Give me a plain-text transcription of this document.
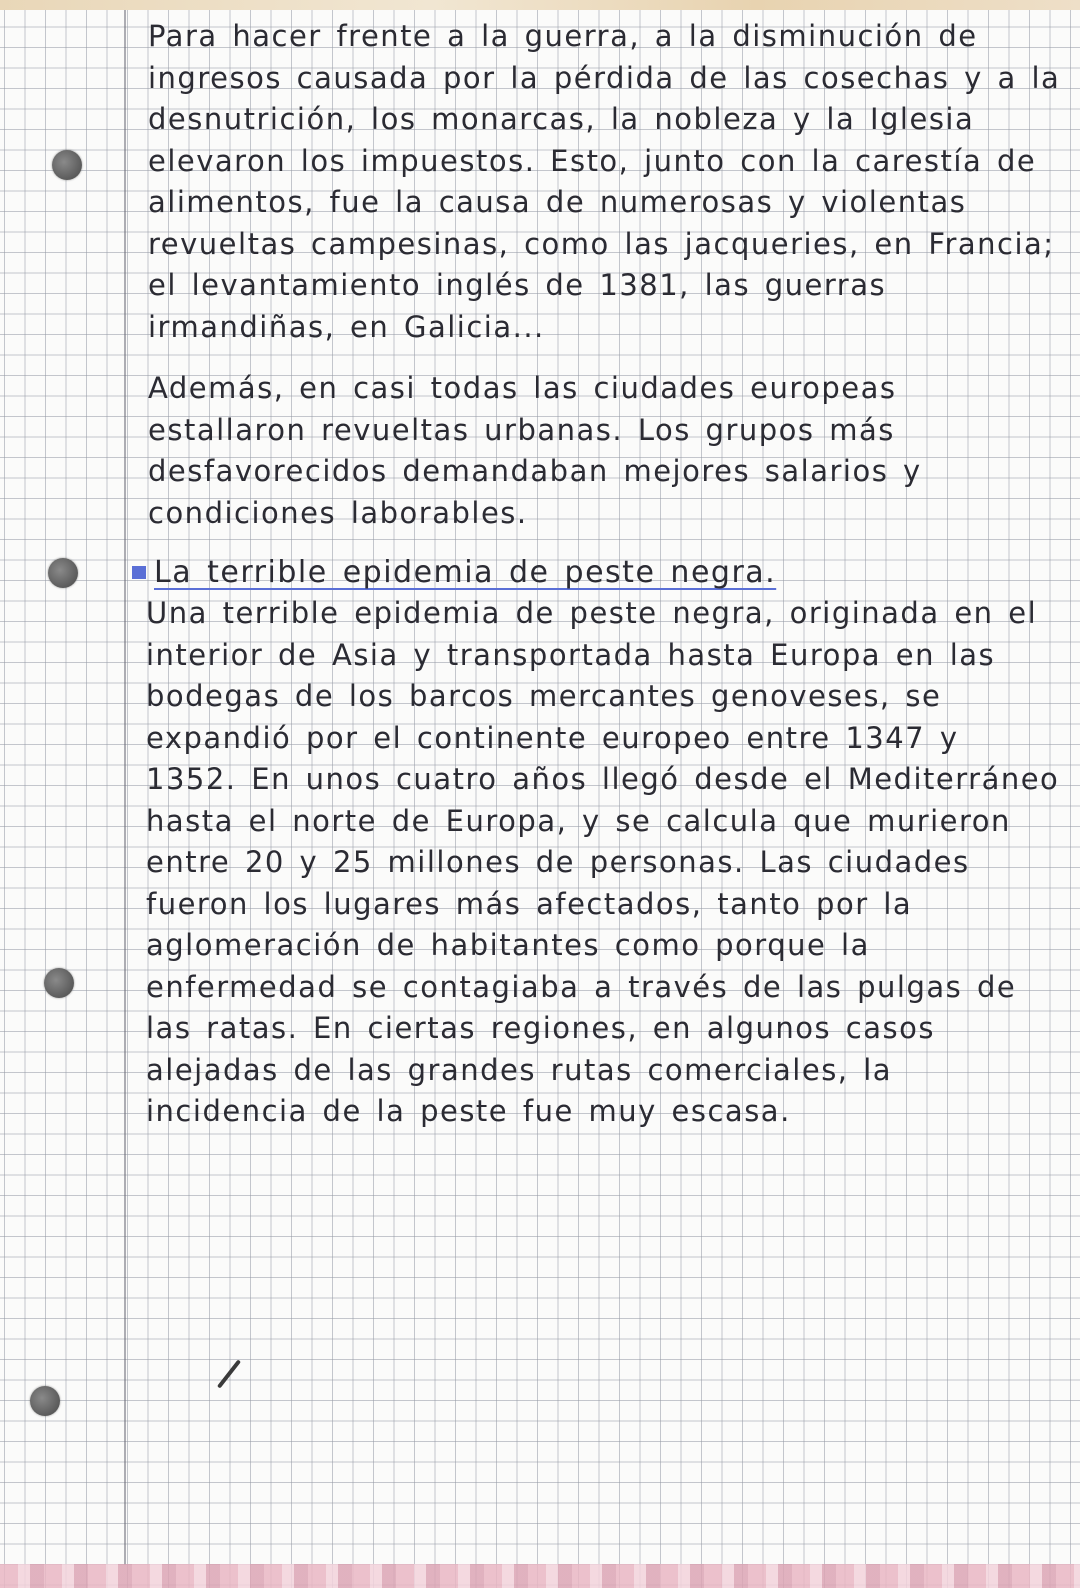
Para hacer frente a la guerra, a la disminución de ingresos causada por la pérdida de las cosechas y a la desnutrición, los monarcas, la nobleza y la Iglesia elevaron los impuestos. Esto, junto con la carestía de alimentos, fue la causa de numerosas y violentas revueltas campesinas, como las jacqueries, en Francia; el levantamiento inglés de 1381, las guerras irmandiñas, en Galicia...

Además, en casi todas las ciudades europeas estallaron revueltas urbanas. Los grupos más desfavorecidos demandaban mejores salarios y condiciones laborables.

La terrible epidemia de peste negra.

Una terrible epidemia de peste negra, originada en el interior de Asia y transportada hasta Europa en las bodegas de los barcos mercantes genoveses, se expandió por el continente europeo entre 1347 y 1352. En unos cuatro años llegó desde el Mediterráneo hasta el norte de Europa, y se calcula que murieron entre 20 y 25 millones de personas. Las ciudades fueron los lugares más afectados, tanto por la aglomeración de habitantes como porque la enfermedad se contagiaba a través de las pulgas de las ratas. En ciertas regiones, en algunos casos alejadas de las grandes rutas comerciales, la incidencia de la peste fue muy escasa.
